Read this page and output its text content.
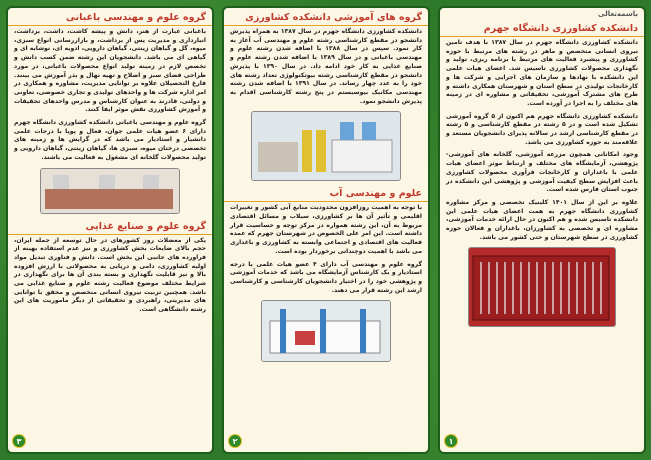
باسمه‌تعالی
دانشکده کشاورزی دانشگاه جهرم
دانشکده کشاورزی دانشگاه جهرم در سال ۱۳۸۷ با هدف تامین نیروی انسانی متخصص و ماهر در رشته های مرتبط با حوزه کشاورزی و پیشبرد فعالیت های مرتبط با برنامه ریزی، تولید و نگهداری محصولات کشاورزی تاسیس شد. اعضای هیات علمی این دانشکده با نهادها و سازمان های اجرایی و شرکت ها و کارخانجات تولیدی در سطح استان و شهرستان همکاری داشته و طرح های مشترک آموزشی، تحقیقاتی و مشاوره ای در زمینه های مختلف را به اجرا در آورده است.
دانشکده کشاورزی دانشگاه جهرم هم اکنون از ۵ گروه آموزشی تشکیل شده است و در ۵ رشته در مقطع کارشناسی و ۵ رشته در مقطع کارشناسی ارشد در سالانه پذیرای دانشجویان مستعد و علاقه‌مند به حوزه کشاورزی می باشد.
وجود امکاناتی همچون مزرعه آموزشی، گلخانه های آموزشی-پژوهشی، آزمایشگاه های مختلف و ارتباط موثر اعضای هیات علمی با باغداران و کارخانجات فرآوری محصولات کشاورزی باعث افزایش سطح کیفیت آموزشی و پژوهشی این دانشکده در جنوب استان فارس شده است.
علاوه بر این از سال ۱۴۰۱ کلینیک تخصصی و مرکز مشاوره کشاورزی دانشگاه جهرم به همت اعضای هیات علمی این دانشکده تاسیس شده و هم اکنون در حال ارائه خدمات آموزشی، مشاوره ای و تخصصی به کشاورزان، باغداران و فعالان حوزه کشاورزی در سطح شهرستان و حتی کشور می باشد.
۱
گروه های آموزشی دانشکده کشاورزی
دانشکده کشاورزی دانشگاه جهرم در سال ۱۳۸۷ به همراه پذیرش دانشجو در مقطع کارشناسی رشته علوم و مهندسی آب آغاز به کار نمود. سپس در سال ۱۳۸۸ با اضافه شدن رشته علوم و مهندسی باغبانی و در سال ۱۳۸۹ با اضافه شدن رشته علوم و صنایع غذایی به کار خود ادامه داد. در سال ۱۳۹۰ با پذیرش دانشجو در مقطع کارشناسی رشته بیوتکنولوژی تعداد رشته های خود را به عدد چهار رساند. در سال ۱۳۹۱ با اضافه شدن رشته مهندسی مکانیک بیوسیستم در پنج رشته کارشناسی اقدام به پذیرش دانشجو نمود.
علوم و مهندسی آب
با توجه به اهمیت روزافزون محدودیت منابع آبی کشور و تغییرات اقلیمی و تأثیر آن ها بر کشاورزی، سیلاب و مسائل اقتصادی مربوط به آن، این رشته همواره در مرکز توجه و حساسیت قرار داشته است. این امر علی الخصوص در شهرستان جهرم که عمده فعالیت های اقتصادی و اجتماعی وابسته به کشاورزی و باغداری می باشد با اهمیت دوچندانی برخوردار بوده است.
گروه علوم و مهندسی آب دارای ۴ عضو هیات علمی با درجه استادیار و یک کارشناس آزمایشگاه می باشد که خدمات آموزشی و پژوهشی خود را در اختیار دانشجویان کارشناسی و کارشناسی ارشد این رشته قرار می دهند.
۲
گروه علوم و مهندسی باغبانی
باغبانی عبارت از هنر، دانش و پیشه کاشت، داشت، برداشت، انبارداری و مدیریت پس از برداشت، و بازاررسانی انواع سبزی، میوه، گل و گیاهان زینتی، گیاهان دارویی، ادویه ای، نوشابه ای و گیاهی ای می باشد. دانشجویان این رشته ضمن کسب دانش و تخصص لازم در زمینه تولید انواع محصولات باغبانی، در مورد طراحی فضای سبز و اصلاح و تهیه نهال و بذر آموزش می بینند. فارغ التحصیلان علاوه بر توانایی مدیریت، مشاوره و همکاری در امر اداره شرکت ها و واحدهای تولیدی و تجاری خصوصی، تعاونی و دولتی، قادرند به عنوان کارشناس و مدرس واحدهای تحقیقات و آموزش کشاورزی نقش موثر ایفا کنند.
گروه علوم و مهندسی باغبانی دانشکده کشاورزی دانشگاه جهرم دارای ۶ عضو هیات علمی جوان، فعال و پویا با درجات علمی دانشیار و استادیار می باشد که در گرایش ها و زمینه های تخصصی درختان میوه، سبزی ها، گیاهان زینتی، گیاهان دارویی و تولید محصولات گلخانه ای مشغول به فعالیت می باشند.
گروه علوم و صنایع غذایی
یکی از معضلات روز کشورهای در حال توسعه از جمله ایران، حجم بالای ضایعات بخش کشاورزی و نیز عدم استفاده بهینه از فراورده های جانبی این بخش است. دانش و فناوری تبدیل مواد اولیه کشاورزی، دامی و دریایی به محصولاتی با ارزش افزوده بالا و نیز قابلیت نگهداری و بسته بندی آن ها برای نگهداری در شرایط مختلف موضوع فعالیت رشته علوم و صنایع غذایی می باشد. همچنین تربیت نیروی انسانی متخصص و محقق با توانایی های مدیریتی، راهبردی و تحقیقاتی از دیگر ماموریت های این رشته دانشگاهی است.
۳
